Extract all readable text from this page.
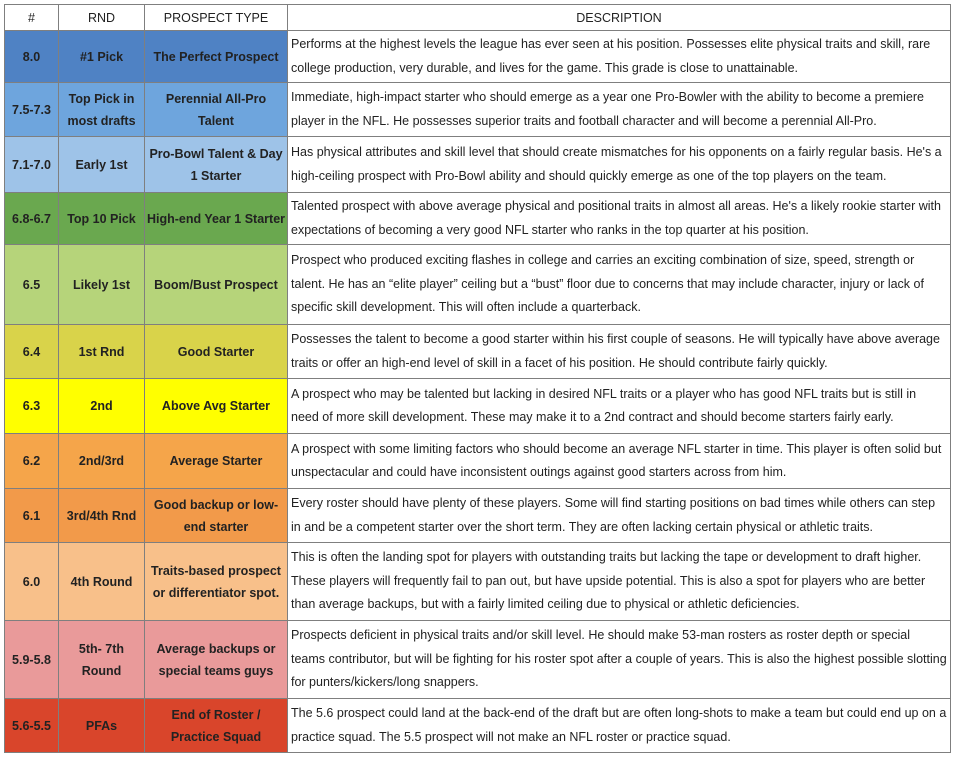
#	RND	PROSPECT TYPE	DESCRIPTION
8.0	#1 Pick	The Perfect Prospect	Performs at the highest levels the league has ever seen at his position. Possesses elite physical traits and skill, rare college production, very durable, and lives for the game. This grade is close to unattainable.
7.5-7.3	Top Pick in most drafts	Perennial All-Pro Talent	Immediate, high-impact starter who should emerge as a year one Pro-Bowler with the ability to become a premiere player in the NFL. He possesses superior traits and football character and will become a perennial All-Pro.
7.1-7.0	Early 1st	Pro-Bowl Talent & Day 1 Starter	Has physical attributes and skill level that should create mismatches for his opponents on a fairly regular basis. He's a high-ceiling prospect with Pro-Bowl ability and should quickly emerge as one of the top players on the team.
6.8-6.7	Top 10 Pick	High-end Year 1 Starter	Talented prospect with above average physical and positional traits in almost all areas. He's a likely rookie starter with expectations of becoming a very good NFL starter who ranks in the top quarter at his position.
6.5	Likely 1st	Boom/Bust Prospect	Prospect who produced exciting flashes in college and carries an exciting combination of size, speed, strength or talent. He has an “elite player” ceiling but a “bust” floor due to concerns that may include character, injury or lack of specific skill development. This will often include a quarterback.
6.4	1st Rnd	Good Starter	Possesses the talent to become a good starter within his first couple of seasons. He will typically have above average traits or offer an high-end level of skill in a facet of his position. He should contribute fairly quickly.
6.3	2nd	Above Avg Starter	A prospect who may be talented but lacking in desired NFL traits or a player who has good NFL traits but is still in need of more skill development. These may make it to a 2nd contract and should become starters fairly early.
6.2	2nd/3rd	Average Starter	A prospect with some limiting factors who should become an average NFL starter in time. This player is often solid but unspectacular and could have inconsistent outings against good starters across from him.
6.1	3rd/4th Rnd	Good backup or low-end starter	Every roster should have plenty of these players. Some will find starting positions on bad times while others can step in and be a competent starter over the short term. They are often lacking certain physical or athletic traits.
6.0	4th Round	Traits-based prospect or differentiator spot.	This is often the landing spot for players with outstanding traits but lacking the tape or development to draft higher. These players will frequently fail to pan out, but have upside potential. This is also a spot for players who are better than average backups, but with a fairly limited ceiling due to physical or athletic deficiencies.
5.9-5.8	5th- 7th Round	Average backups or special teams guys	Prospects deficient in physical traits and/or skill level. He should make 53-man rosters as roster depth or special teams contributor, but will be fighting for his roster spot after a couple of years. This is also the highest possible slotting for punters/kickers/long snappers.
5.6-5.5	PFAs	End of Roster / Practice Squad	The 5.6 prospect could land at the back-end of the draft but are often long-shots to make a team but could end up on a practice squad. The 5.5 prospect will not make an NFL roster or practice squad.
